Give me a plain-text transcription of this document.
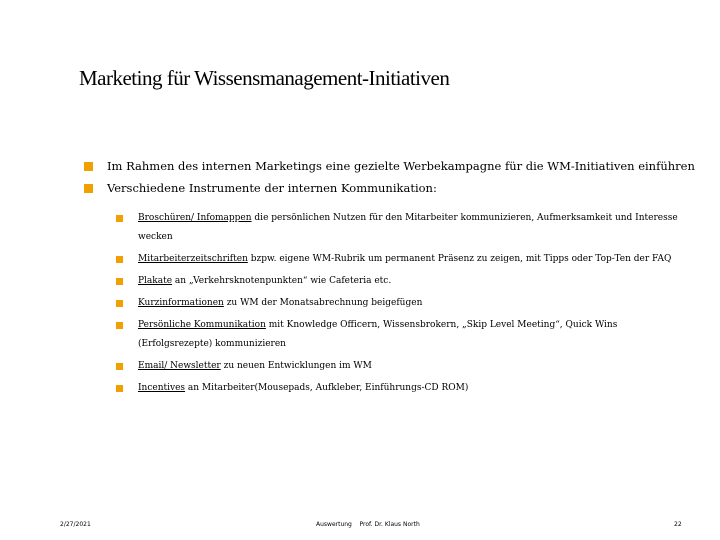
Marketing für Wissensmanagement-Initiativen
Im Rahmen des internen Marketings eine gezielte Werbekampagne für die WM-Initiativen einführen
Verschiedene Instrumente der internen Kommunikation:
Broschüren/ Infomappen die persönlichen Nutzen für den Mitarbeiter kommunizieren, Aufmerksamkeit und Interesse wecken
Mitarbeiterzeitschriften bzpw. eigene WM-Rubrik um permanent Präsenz zu zeigen, mit Tipps oder Top-Ten der FAQ
Plakate an „Verkehrsknotenpunkten“ wie Cafeteria etc.
Kurzinformationen zu WM der Monatsabrechnung beigefügen
Persönliche Kommunikation mit Knowledge Officern, Wissensbrokern, „Skip Level Meeting“, Quick Wins (Erfolgsrezepte) kommunizieren
Email/ Newsletter zu neuen Entwicklungen im WM
Incentives an Mitarbeiter(Mousepads, Aufkleber, Einführungs-CD ROM)
2/27/2021	Auswertung    Prof. Dr. Klaus North	22
